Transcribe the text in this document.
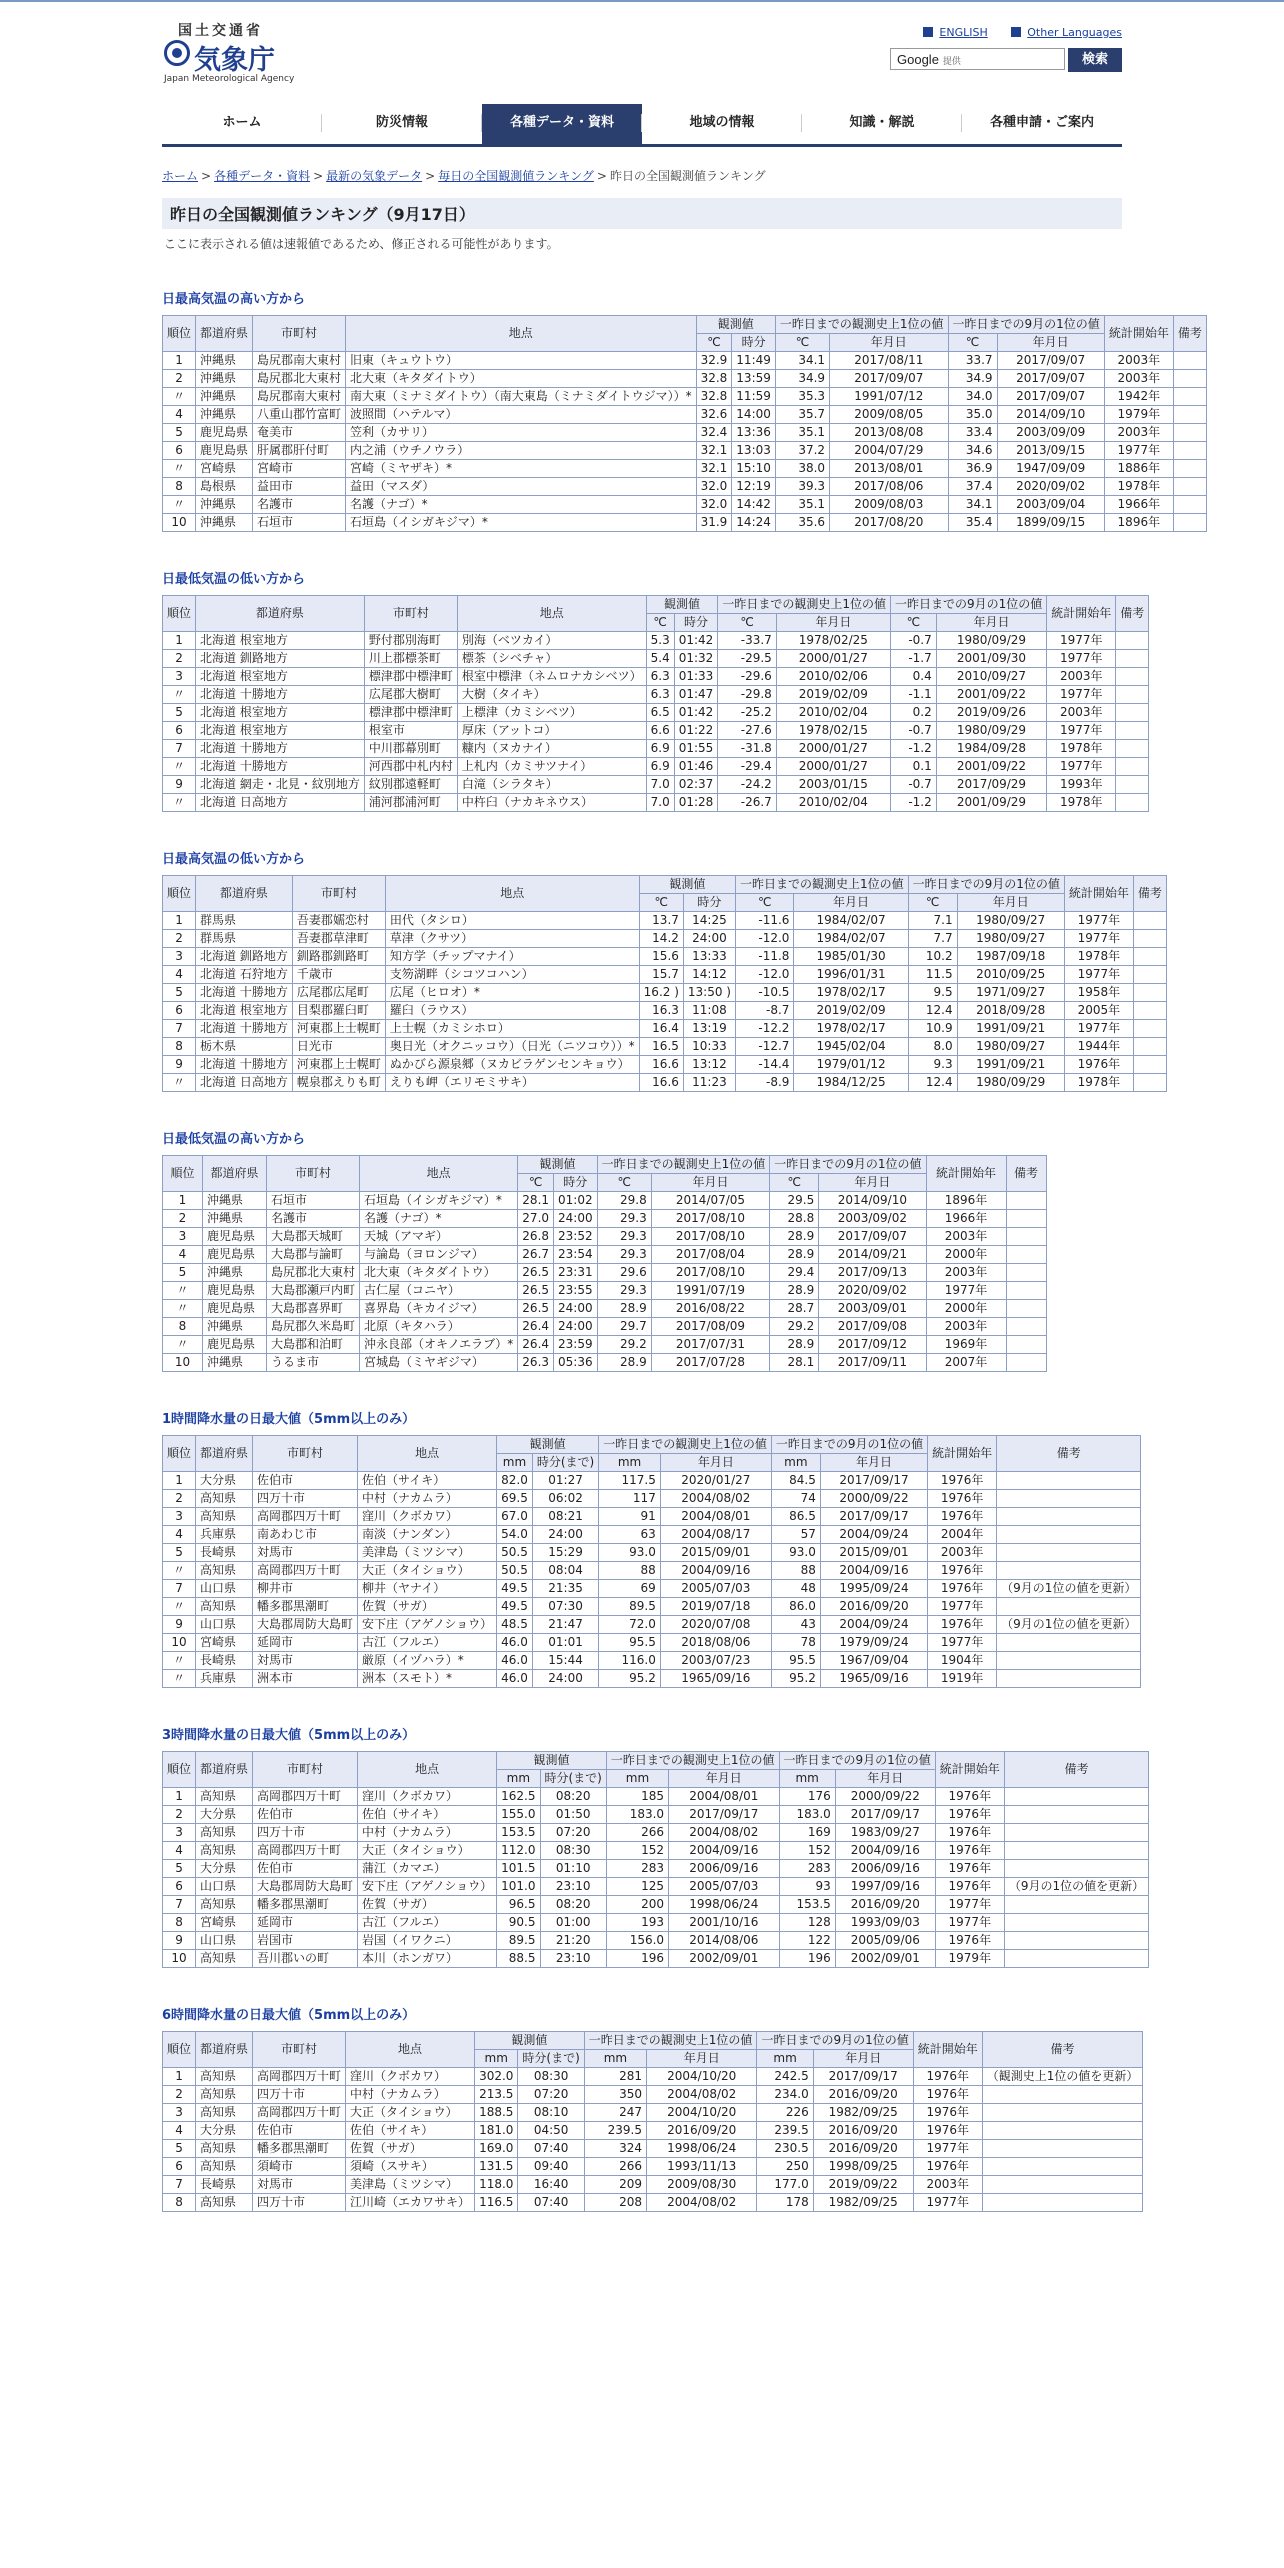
国土交通省
気象庁
Japan Meteorological Agency
ENGLISH	Other Languages
Google 提供	検索
ホーム	防災情報	各種データ・資料	地域の情報	知識・解説	各種申請・ご案内
ホーム > 各種データ・資料 > 最新の気象データ > 毎日の全国観測値ランキング > 昨日の全国観測値ランキング
昨日の全国観測値ランキング（9月17日）
ここに表示される値は速報値であるため、修正される可能性があります。
日最高気温の高い方から
順位	都道府県	市町村	地点	観測値		一昨日までの観測史上1位の値		一昨日までの9月の1位の値		統計開始年	備考
				℃	時分	℃	年月日	℃	年月日		
1	沖縄県	島尻郡南大東村	旧東（キュウトウ）	32.9	11:49	34.1	2017/08/11	33.7	2017/09/07	2003年	
2	沖縄県	島尻郡北大東村	北大東（キタダイトウ）	32.8	13:59	34.9	2017/09/07	34.9	2017/09/07	2003年	
〃	沖縄県	島尻郡南大東村	南大東（ミナミダイトウ）（南大東島（ミナミダイトウジマ））*	32.8	11:59	35.3	1991/07/12	34.0	2017/09/07	1942年	
4	沖縄県	八重山郡竹富町	波照間（ハテルマ）	32.6	14:00	35.7	2009/08/05	35.0	2014/09/10	1979年	
5	鹿児島県	奄美市	笠利（カサリ）	32.4	13:36	35.1	2013/08/08	33.4	2003/09/09	2003年	
6	鹿児島県	肝属郡肝付町	内之浦（ウチノウラ）	32.1	13:03	37.2	2004/07/29	34.6	2013/09/15	1977年	
〃	宮崎県	宮崎市	宮崎（ミヤザキ）*	32.1	15:10	38.0	2013/08/01	36.9	1947/09/09	1886年	
8	島根県	益田市	益田（マスダ）	32.0	12:19	39.3	2017/08/06	37.4	2020/09/02	1978年	
〃	沖縄県	名護市	名護（ナゴ）*	32.0	14:42	35.1	2009/08/03	34.1	2003/09/04	1966年	
10	沖縄県	石垣市	石垣島（イシガキジマ）*	31.9	14:24	35.6	2017/08/20	35.4	1899/09/15	1896年	
日最低気温の低い方から
順位	都道府県	市町村	地点	観測値		一昨日までの観測史上1位の値		一昨日までの9月の1位の値		統計開始年	備考
				℃	時分	℃	年月日	℃	年月日		
1	北海道 根室地方	野付郡別海町	別海（ベツカイ）	5.3	01:42	-33.7	1978/02/25	-0.7	1980/09/29	1977年	
2	北海道 釧路地方	川上郡標茶町	標茶（シベチャ）	5.4	01:32	-29.5	2000/01/27	-1.7	2001/09/30	1977年	
3	北海道 根室地方	標津郡中標津町	根室中標津（ネムロナカシベツ）	6.3	01:33	-29.6	2010/02/06	0.4	2010/09/27	2003年	
〃	北海道 十勝地方	広尾郡大樹町	大樹（タイキ）	6.3	01:47	-29.8	2019/02/09	-1.1	2001/09/22	1977年	
5	北海道 根室地方	標津郡中標津町	上標津（カミシベツ）	6.5	01:42	-25.2	2010/02/04	0.2	2019/09/26	2003年	
6	北海道 根室地方	根室市	厚床（アットコ）	6.6	01:22	-27.6	1978/02/15	-0.7	1980/09/29	1977年	
7	北海道 十勝地方	中川郡幕別町	糠内（ヌカナイ）	6.9	01:55	-31.8	2000/01/27	-1.2	1984/09/28	1978年	
〃	北海道 十勝地方	河西郡中札内村	上札内（カミサツナイ）	6.9	01:46	-29.4	2000/01/27	0.1	2001/09/22	1977年	
9	北海道 網走・北見・紋別地方	紋別郡遠軽町	白滝（シラタキ）	7.0	02:37	-24.2	2003/01/15	-0.7	2017/09/29	1993年	
〃	北海道 日高地方	浦河郡浦河町	中杵臼（ナカキネウス）	7.0	01:28	-26.7	2010/02/04	-1.2	2001/09/29	1978年	
日最高気温の低い方から
順位	都道府県	市町村	地点	観測値		一昨日までの観測史上1位の値		一昨日までの9月の1位の値		統計開始年	備考
				℃	時分	℃	年月日	℃	年月日		
1	群馬県	吾妻郡嬬恋村	田代（タシロ）	13.7	14:25	-11.6	1984/02/07	7.1	1980/09/27	1977年	
2	群馬県	吾妻郡草津町	草津（クサツ）	14.2	24:00	-12.0	1984/02/07	7.7	1980/09/27	1977年	
3	北海道 釧路地方	釧路郡釧路町	知方学（チップマナイ）	15.6	13:33	-11.8	1985/01/30	10.2	1987/09/18	1978年	
4	北海道 石狩地方	千歳市	支笏湖畔（シコツコハン）	15.7	14:12	-12.0	1996/01/31	11.5	2010/09/25	1977年	
5	北海道 十勝地方	広尾郡広尾町	広尾（ヒロオ）*	16.2 )	13:50 )	-10.5	1978/02/17	9.5	1971/09/27	1958年	
6	北海道 根室地方	目梨郡羅臼町	羅臼（ラウス）	16.3	11:08	-8.7	2019/02/09	12.4	2018/09/28	2005年	
7	北海道 十勝地方	河東郡上士幌町	上士幌（カミシホロ）	16.4	13:19	-12.2	1978/02/17	10.9	1991/09/21	1977年	
8	栃木県	日光市	奥日光（オクニッコウ）（日光（ニツコウ））*	16.5	10:33	-12.7	1945/02/04	8.0	1980/09/27	1944年	
9	北海道 十勝地方	河東郡上士幌町	ぬかびら源泉郷（ヌカビラゲンセンキョウ）	16.6	13:12	-14.4	1979/01/12	9.3	1991/09/21	1976年	
〃	北海道 日高地方	幌泉郡えりも町	えりも岬（エリモミサキ）	16.6	11:23	-8.9	1984/12/25	12.4	1980/09/29	1978年	
日最低気温の高い方から
順位	都道府県	市町村	地点	観測値		一昨日までの観測史上1位の値		一昨日までの9月の1位の値		統計開始年	備考
				℃	時分	℃	年月日	℃	年月日		
1	沖縄県	石垣市	石垣島（イシガキジマ）*	28.1	01:02	29.8	2014/07/05	29.5	2014/09/10	1896年	
2	沖縄県	名護市	名護（ナゴ）*	27.0	24:00	29.3	2017/08/10	28.8	2003/09/02	1966年	
3	鹿児島県	大島郡天城町	天城（アマギ）	26.8	23:52	29.3	2017/08/10	28.9	2017/09/07	2003年	
4	鹿児島県	大島郡与論町	与論島（ヨロンジマ）	26.7	23:54	29.3	2017/08/04	28.9	2014/09/21	2000年	
5	沖縄県	島尻郡北大東村	北大東（キタダイトウ）	26.5	23:31	29.6	2017/08/10	29.4	2017/09/13	2003年	
〃	鹿児島県	大島郡瀬戸内町	古仁屋（コニヤ）	26.5	23:55	29.3	1991/07/19	28.9	2020/09/02	1977年	
〃	鹿児島県	大島郡喜界町	喜界島（キカイジマ）	26.5	24:00	28.9	2016/08/22	28.7	2003/09/01	2000年	
8	沖縄県	島尻郡久米島町	北原（キタハラ）	26.4	24:00	29.7	2017/08/09	29.2	2017/09/08	2003年	
〃	鹿児島県	大島郡和泊町	沖永良部（オキノエラブ）*	26.4	23:59	29.2	2017/07/31	28.9	2017/09/12	1969年	
10	沖縄県	うるま市	宮城島（ミヤギジマ）	26.3	05:36	28.9	2017/07/28	28.1	2017/09/11	2007年	
1時間降水量の日最大値（5mm以上のみ）
順位	都道府県	市町村	地点	観測値		一昨日までの観測史上1位の値		一昨日までの9月の1位の値		統計開始年	備考
				mm	時分(まで)	mm	年月日	mm	年月日		
1	大分県	佐伯市	佐伯（サイキ）	82.0	01:27	117.5	2020/01/27	84.5	2017/09/17	1976年	
2	高知県	四万十市	中村（ナカムラ）	69.5	06:02	117	2004/08/02	74	2000/09/22	1976年	
3	高知県	高岡郡四万十町	窪川（クボカワ）	67.0	08:21	91	2004/08/01	86.5	2017/09/17	1976年	
4	兵庫県	南あわじ市	南淡（ナンダン）	54.0	24:00	63	2004/08/17	57	2004/09/24	2004年	
5	長崎県	対馬市	美津島（ミツシマ）	50.5	15:29	93.0	2015/09/01	93.0	2015/09/01	2003年	
〃	高知県	高岡郡四万十町	大正（タイショウ）	50.5	08:04	88	2004/09/16	88	2004/09/16	1976年	
7	山口県	柳井市	柳井（ヤナイ）	49.5	21:35	69	2005/07/03	48	1995/09/24	1976年	（9月の1位の値を更新）
〃	高知県	幡多郡黒潮町	佐賀（サガ）	49.5	07:30	89.5	2019/07/18	86.0	2016/09/20	1977年	
9	山口県	大島郡周防大島町	安下庄（アゲノショウ）	48.5	21:47	72.0	2020/07/08	43	2004/09/24	1976年	（9月の1位の値を更新）
10	宮崎県	延岡市	古江（フルエ）	46.0	01:01	95.5	2018/08/06	78	1979/09/24	1977年	
〃	長崎県	対馬市	厳原（イヅハラ）*	46.0	15:44	116.0	2003/07/23	95.5	1967/09/04	1904年	
〃	兵庫県	洲本市	洲本（スモト）*	46.0	24:00	95.2	1965/09/16	95.2	1965/09/16	1919年	
3時間降水量の日最大値（5mm以上のみ）
順位	都道府県	市町村	地点	観測値		一昨日までの観測史上1位の値		一昨日までの9月の1位の値		統計開始年	備考
				mm	時分(まで)	mm	年月日	mm	年月日		
1	高知県	高岡郡四万十町	窪川（クボカワ）	162.5	08:20	185	2004/08/01	176	2000/09/22	1976年	
2	大分県	佐伯市	佐伯（サイキ）	155.0	01:50	183.0	2017/09/17	183.0	2017/09/17	1976年	
3	高知県	四万十市	中村（ナカムラ）	153.5	07:20	266	2004/08/02	169	1983/09/27	1976年	
4	高知県	高岡郡四万十町	大正（タイショウ）	112.0	08:30	152	2004/09/16	152	2004/09/16	1976年	
5	大分県	佐伯市	蒲江（カマエ）	101.5	01:10	283	2006/09/16	283	2006/09/16	1976年	
6	山口県	大島郡周防大島町	安下庄（アゲノショウ）	101.0	23:10	125	2005/07/03	93	1997/09/16	1976年	（9月の1位の値を更新）
7	高知県	幡多郡黒潮町	佐賀（サガ）	96.5	08:20	200	1998/06/24	153.5	2016/09/20	1977年	
8	宮崎県	延岡市	古江（フルエ）	90.5	01:00	193	2001/10/16	128	1993/09/03	1977年	
9	山口県	岩国市	岩国（イワクニ）	89.5	21:20	156.0	2014/08/06	122	2005/09/06	1976年	
10	高知県	吾川郡いの町	本川（ホンガワ）	88.5	23:10	196	2002/09/01	196	2002/09/01	1979年	
6時間降水量の日最大値（5mm以上のみ）
順位	都道府県	市町村	地点	観測値		一昨日までの観測史上1位の値		一昨日までの9月の1位の値		統計開始年	備考
				mm	時分(まで)	mm	年月日	mm	年月日		
1	高知県	高岡郡四万十町	窪川（クボカワ）	302.0	08:30	281	2004/10/20	242.5	2017/09/17	1976年	（観測史上1位の値を更新）
2	高知県	四万十市	中村（ナカムラ）	213.5	07:20	350	2004/08/02	234.0	2016/09/20	1976年	
3	高知県	高岡郡四万十町	大正（タイショウ）	188.5	08:10	247	2004/10/20	226	1982/09/25	1976年	
4	大分県	佐伯市	佐伯（サイキ）	181.0	04:50	239.5	2016/09/20	239.5	2016/09/20	1976年	
5	高知県	幡多郡黒潮町	佐賀（サガ）	169.0	07:40	324	1998/06/24	230.5	2016/09/20	1977年	
6	高知県	須崎市	須崎（スサキ）	131.5	09:40	266	1993/11/13	250	1998/09/25	1976年	
7	長崎県	対馬市	美津島（ミツシマ）	118.0	16:40	209	2009/08/30	177.0	2019/09/22	2003年	
8	高知県	四万十市	江川崎（エカワサキ）	116.5	07:40	208	2004/08/02	178	1982/09/25	1977年	
